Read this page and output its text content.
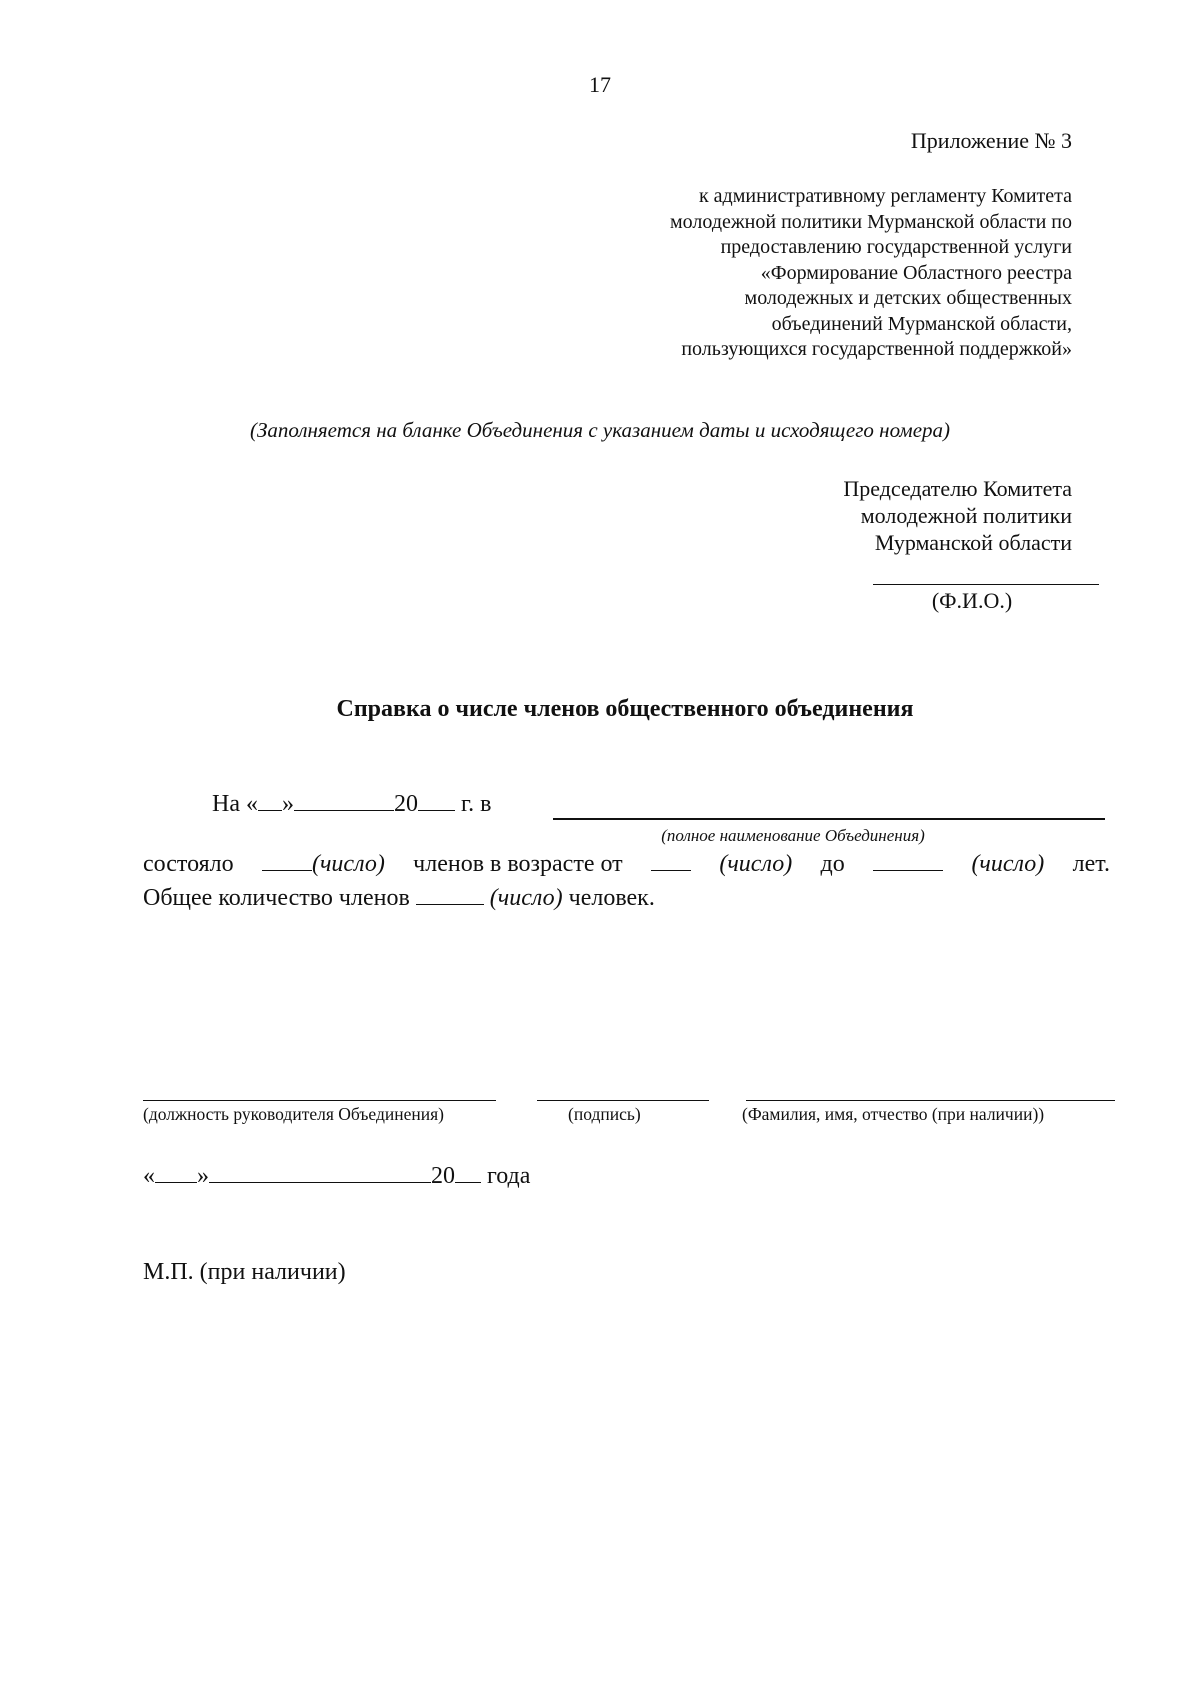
17
Приложение № 3
к административному регламенту Комитета
молодежной политики Мурманской области по
предоставлению государственной услуги
«Формирование Областного реестра
молодежных и детских общественных
объединений Мурманской области,
пользующихся государственной поддержкой»
(Заполняется на бланке Объединения с указанием даты и исходящего номера)
Председателю Комитета
молодежной политики
Мурманской области
(Ф.И.О.)
Справка о числе членов общественного объединения
На « »	20 г. в
(полное наименование Объединения)
состояло	(число) членов в возрасте от	(число) до	(число) лет.
Общее количество членов	(число) человек.
(должность руководителя Объединения)	(подпись)	(Фамилия, имя, отчество (при наличии))
« »	20 года
М.П. (при наличии)
